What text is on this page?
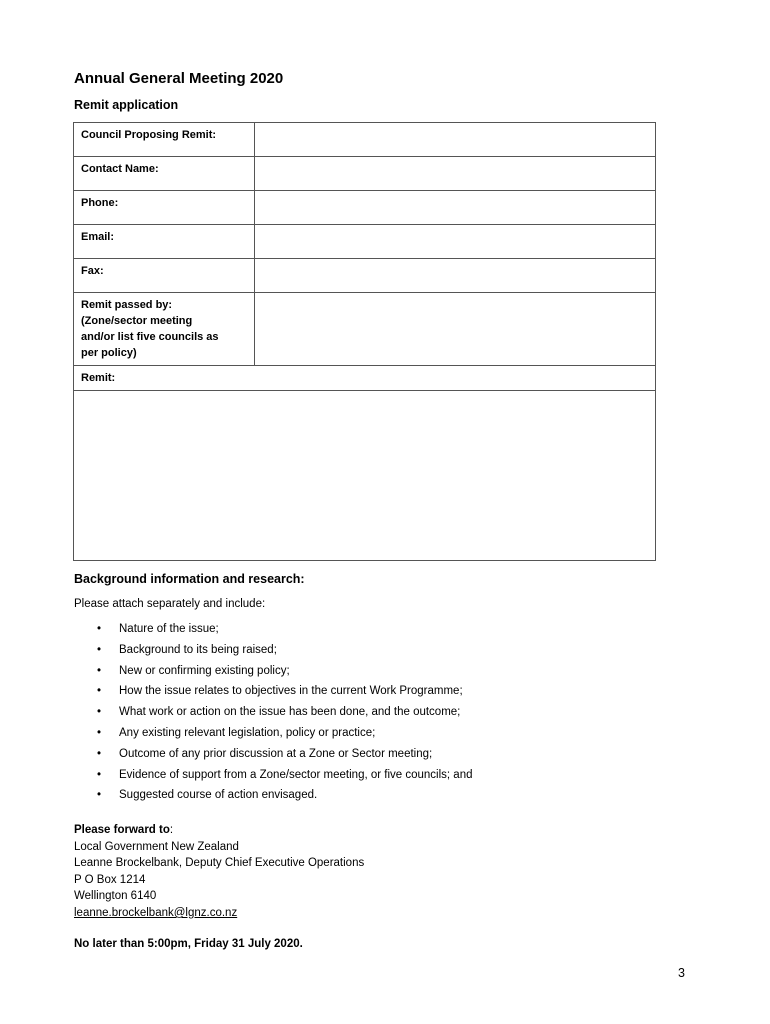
Annual General Meeting 2020
Remit application
Council Proposing Remit:	
Contact Name:	
Phone:	
Email:	
Fax:	

Remit passed by:
(Zone/sector meeting
and/or list five councils as
per policy)

Remit:	

Background information and research:
Please attach separately and include:
• Nature of the issue;
• Background to its being raised;
• New or confirming existing policy;
• How the issue relates to objectives in the current Work Programme;
• What work or action on the issue has been done, and the outcome;
• Any existing relevant legislation, policy or practice;
• Outcome of any prior discussion at a Zone or Sector meeting;
• Evidence of support from a Zone/sector meeting, or five councils; and
• Suggested course of action envisaged.
Please forward to:
Local Government New Zealand
Leanne Brockelbank, Deputy Chief Executive Operations
P O Box 1214
Wellington 6140
leanne.brockelbank@lgnz.co.nz
No later than 5:00pm, Friday 31 July 2020.
3
